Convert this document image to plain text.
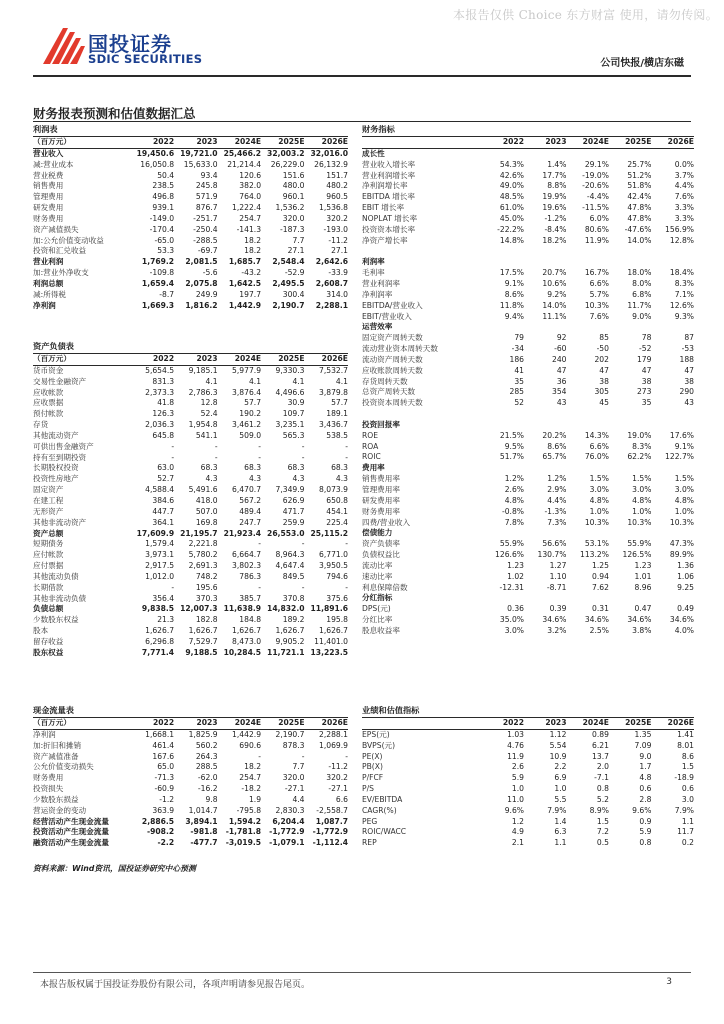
本报告仅供 Choice 东方财富 使用，请勿传阅。
国投证券
SDIC SECURITIES	公司快报/横店东磁
财务报表预测和估值数据汇总
利润表
（百万元）	2022	2023	2024E	2025E	2026E
营业收入	19,450.6	19,721.0	25,466.2	32,003.2	32,016.0
减:营业成本	16,050.8	15,633.0	21,214.4	26,229.0	26,132.9
营业税费	50.4	93.4	120.6	151.6	151.7
销售费用	238.5	245.8	382.0	480.0	480.2
管理费用	496.8	571.9	764.0	960.1	960.5
研发费用	939.1	876.7	1,222.4	1,536.2	1,536.8
财务费用	-149.0	-251.7	254.7	320.0	320.2
资产减值损失	-170.4	-250.4	-141.3	-187.3	-193.0
加:公允价值变动收益	-65.0	-288.5	18.2	7.7	-11.2
投资和汇兑收益	53.3	-69.7	18.2	27.1	27.1
营业利润	1,769.2	2,081.5	1,685.7	2,548.4	2,642.6
加:营业外净收支	-109.8	-5.6	-43.2	-52.9	-33.9
利润总额	1,659.4	2,075.8	1,642.5	2,495.5	2,608.7
减:所得税	-8.7	249.9	197.7	300.4	314.0
净利润	1,669.3	1,816.2	1,442.9	2,190.7	2,288.1
财务指标
	2022	2023	2024E	2025E	2026E
成长性					
营业收入增长率	54.3%	1.4%	29.1%	25.7%	0.0%
营业利润增长率	42.6%	17.7%	-19.0%	51.2%	3.7%
净利润增长率	49.0%	8.8%	-20.6%	51.8%	4.4%
EBITDA 增长率	48.5%	19.9%	-4.4%	42.4%	7.6%
EBIT 增长率	61.0%	19.6%	-11.5%	47.8%	3.3%
NOPLAT 增长率	45.0%	-1.2%	6.0%	47.8%	3.3%
投资资本增长率	-22.2%	-8.4%	80.6%	-47.6%	156.9%
净资产增长率	14.8%	18.2%	11.9%	14.0%	12.8%

利润率					
毛利率	17.5%	20.7%	16.7%	18.0%	18.4%
营业利润率	9.1%	10.6%	6.6%	8.0%	8.3%
净利润率	8.6%	9.2%	5.7%	6.8%	7.1%
EBITDA/营业收入	11.8%	14.0%	10.3%	11.7%	12.6%
EBIT/营业收入	9.4%	11.1%	7.6%	9.0%	9.3%
运营效率					
固定资产周转天数	79	92	85	78	87
流动营业资本周转天数	-34	-60	-50	-52	-53
流动资产周转天数	186	240	202	179	188
应收账款周转天数	41	47	47	47	47
存货周转天数	35	36	38	38	38
总资产周转天数	285	354	305	273	290
投资资本周转天数	52	43	45	35	43

投资回报率					
ROE	21.5%	20.2%	14.3%	19.0%	17.6%
ROA	9.5%	8.6%	6.6%	8.3%	9.1%
ROIC	51.7%	65.7%	76.0%	62.2%	122.7%
费用率					
销售费用率	1.2%	1.2%	1.5%	1.5%	1.5%
管理费用率	2.6%	2.9%	3.0%	3.0%	3.0%
研发费用率	4.8%	4.4%	4.8%	4.8%	4.8%
财务费用率	-0.8%	-1.3%	1.0%	1.0%	1.0%
四费/营业收入	7.8%	7.3%	10.3%	10.3%	10.3%
偿债能力					
资产负债率	55.9%	56.6%	53.1%	55.9%	47.3%
负债权益比	126.6%	130.7%	113.2%	126.5%	89.9%
流动比率	1.23	1.27	1.25	1.23	1.36
速动比率	1.02	1.10	0.94	1.01	1.06
利息保障倍数	-12.31	-8.71	7.62	8.96	9.25
分红指标					
DPS(元)	0.36	0.39	0.31	0.47	0.49
分红比率	35.0%	34.6%	34.6%	34.6%	34.6%
股息收益率	3.0%	3.2%	2.5%	3.8%	4.0%
资产负债表
（百万元）	2022	2023	2024E	2025E	2026E
货币资金	5,654.5	9,185.1	5,977.9	9,330.3	7,532.7
交易性金融资产	831.3	4.1	4.1	4.1	4.1
应收帐款	2,373.3	2,786.3	3,876.4	4,496.6	3,879.8
应收票据	41.8	12.8	57.7	30.9	57.7
预付帐款	126.3	52.4	190.2	109.7	189.1
存货	2,036.3	1,954.8	3,461.2	3,235.1	3,436.7
其他流动资产	645.8	541.1	509.0	565.3	538.5
可供出售金融资产	-	-	-	-	-
持有至到期投资	-	-	-	-	-
长期股权投资	63.0	68.3	68.3	68.3	68.3
投资性房地产	52.7	4.3	4.3	4.3	4.3
固定资产	4,588.4	5,491.6	6,470.7	7,349.9	8,073.9
在建工程	384.6	418.0	567.2	626.9	650.8
无形资产	447.7	507.0	489.4	471.7	454.1
其他非流动资产	364.1	169.8	247.7	259.9	225.4
资产总额	17,609.9	21,195.7	21,923.4	26,553.0	25,115.2
短期债务	1,579.4	2,221.8	-	-	-
应付帐款	3,973.1	5,780.2	6,664.7	8,964.3	6,771.0
应付票据	2,917.5	2,691.3	3,802.3	4,647.4	3,950.5
其他流动负债	1,012.0	748.2	786.3	849.5	794.6
长期借款	-	195.6	-	-	-
其他非流动负债	356.4	370.3	385.7	370.8	375.6
负债总额	9,838.5	12,007.3	11,638.9	14,832.0	11,891.6
少数股东权益	21.3	182.8	184.8	189.2	195.8
股本	1,626.7	1,626.7	1,626.7	1,626.7	1,626.7
留存收益	6,296.8	7,529.7	8,473.0	9,905.2	11,401.0
股东权益	7,771.4	9,188.5	10,284.5	11,721.1	13,223.5
现金流量表
（百万元）	2022	2023	2024E	2025E	2026E
净利润	1,668.1	1,825.9	1,442.9	2,190.7	2,288.1
加:折旧和摊销	461.4	560.2	690.6	878.3	1,069.9
资产减值准备	167.6	264.3	-	-	-
公允价值变动损失	65.0	288.5	18.2	7.7	-11.2
财务费用	-71.3	-62.0	254.7	320.0	320.2
投资损失	-60.9	-16.2	-18.2	-27.1	-27.1
少数股东损益	-1.2	9.8	1.9	4.4	6.6
营运资金的变动	363.9	1,014.7	-795.8	2,830.3	-2,558.7
经营活动产生现金流量	2,886.5	3,894.1	1,594.2	6,204.4	1,087.7
投资活动产生现金流量	-908.2	-981.8	-1,781.8	-1,772.9	-1,772.9
融资活动产生现金流量	-2.2	-477.7	-3,019.5	-1,079.1	-1,112.4
业绩和估值指标
	2022	2023	2024E	2025E	2026E
EPS(元)	1.03	1.12	0.89	1.35	1.41
BVPS(元)	4.76	5.54	6.21	7.09	8.01
PE(X)	11.9	10.9	13.7	9.0	8.6
PB(X)	2.6	2.2	2.0	1.7	1.5
P/FCF	5.9	6.9	-7.1	4.8	-18.9
P/S	1.0	1.0	0.8	0.6	0.6
EV/EBITDA	11.0	5.5	5.2	2.8	3.0
CAGR(%)	9.6%	7.9%	8.9%	9.6%	7.9%
PEG	1.2	1.4	1.5	0.9	1.1
ROIC/WACC	4.9	6.3	7.2	5.9	11.7
REP	2.1	1.1	0.5	0.8	0.2
资料来源：Wind资讯，国投证券研究中心预测
本报告版权属于国投证券股份有限公司，各项声明请参见报告尾页。	3
